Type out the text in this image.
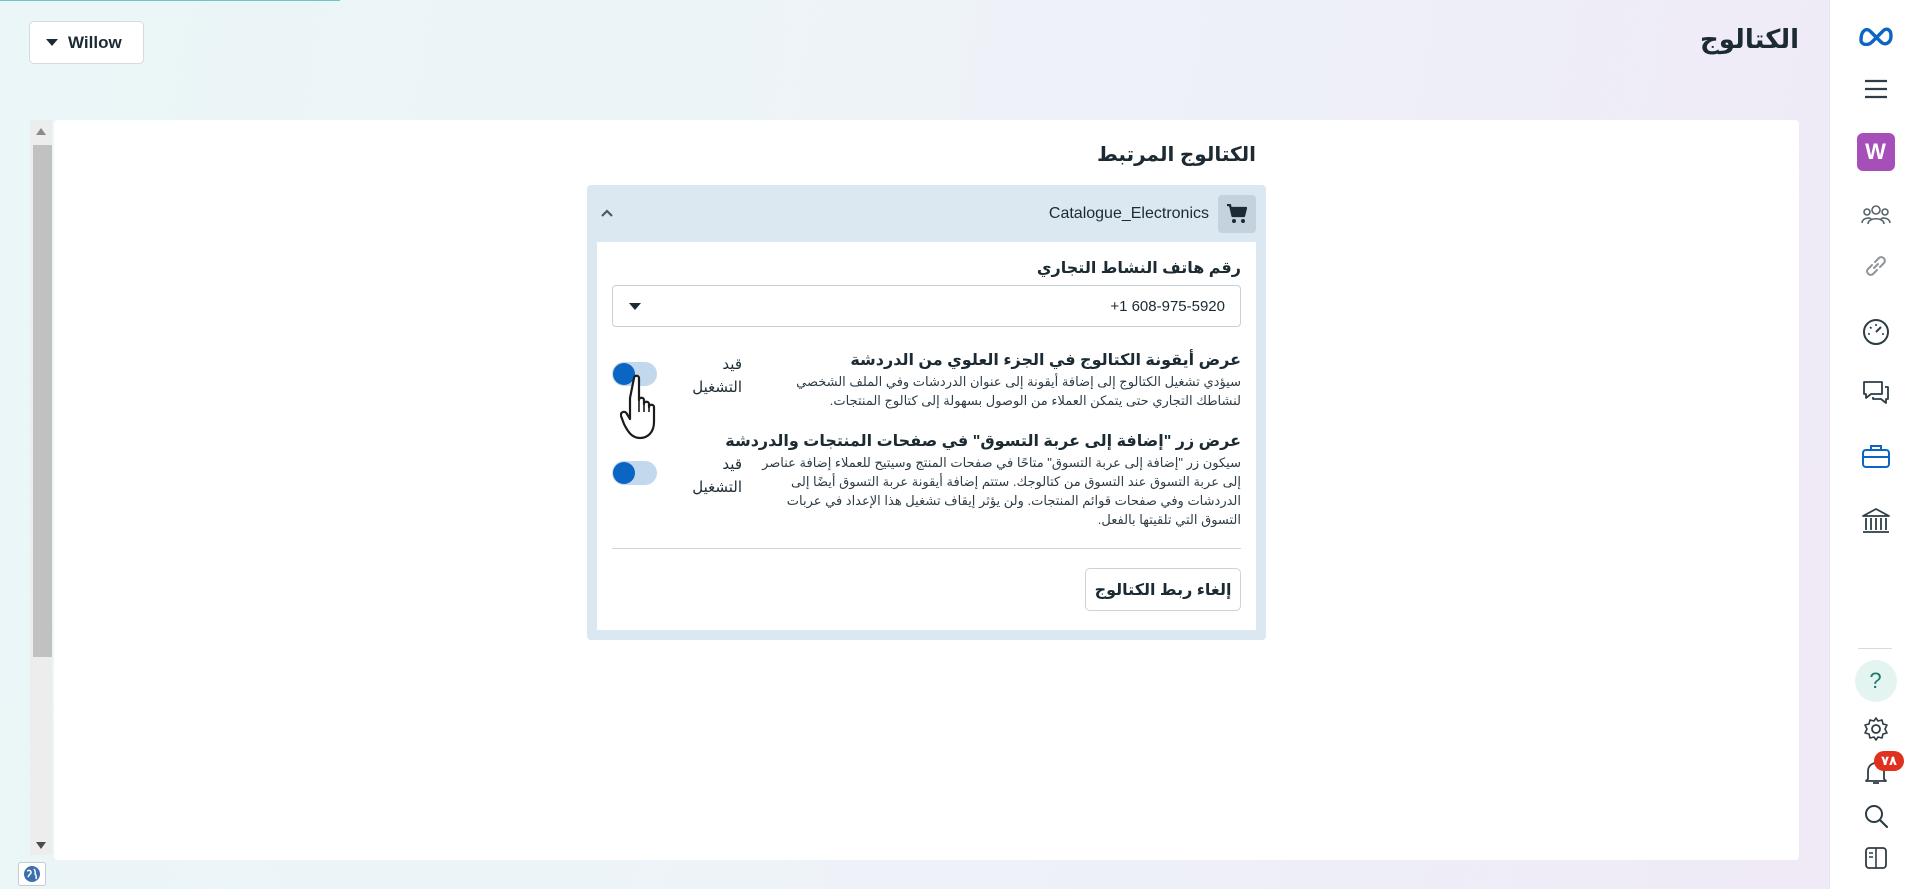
Willow	الكتالوج
الكتالوج المرتبط
Catalogue_Electronics
رقم هاتف النشاط التجاري
+1 608-975-5920
عرض أيقونة الكتالوج في الجزء العلوي من الدردشة
سيؤدي تشغيل الكتالوج إلى إضافة أيقونة إلى عنوان الدردشات وفي الملف الشخصي لنشاطك التجاري حتى يتمكن العملاء من الوصول بسهولة إلى كتالوج المنتجات.
قيد التشغيل
عرض زر "إضافة إلى عربة التسوق" في صفحات المنتجات والدردشة
سيكون زر "إضافة إلى عربة التسوق" متاحًا في صفحات المنتج وسيتيح للعملاء إضافة عناصر إلى عربة التسوق عند التسوق من كتالوجك. ستتم إضافة أيقونة عربة التسوق أيضًا إلى الدردشات وفي صفحات قوائم المنتجات. ولن يؤثر إيقاف تشغيل هذا الإعداد في عربات التسوق التي تلقيتها بالفعل.
قيد التشغيل
إلغاء ربط الكتالوج
W
?
٧٨
